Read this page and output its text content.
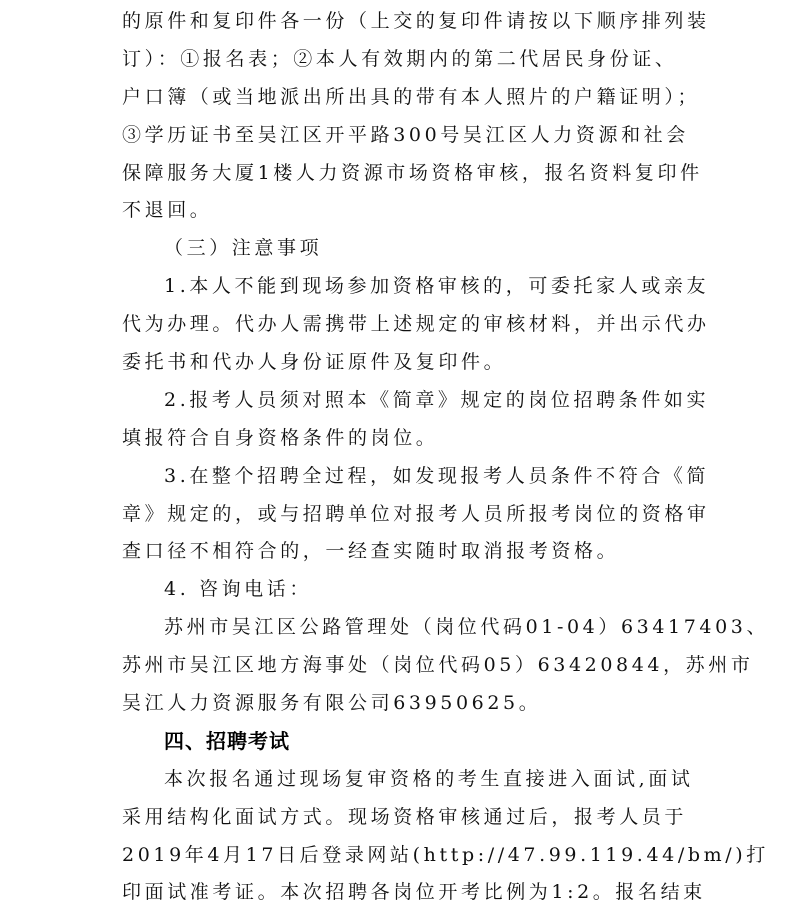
的原件和复印件各一份（上交的复印件请按以下顺序排列装
订）：①报名表；②本人有效期内的第二代居民身份证、
户口簿（或当地派出所出具的带有本人照片的户籍证明）；
③学历证书至吴江区开平路300号吴江区人力资源和社会
保障服务大厦1楼人力资源市场资格审核，报名资料复印件
不退回。
（三）注意事项
1.本人不能到现场参加资格审核的，可委托家人或亲友
代为办理。代办人需携带上述规定的审核材料，并出示代办
委托书和代办人身份证原件及复印件。
2.报考人员须对照本《简章》规定的岗位招聘条件如实
填报符合自身资格条件的岗位。
3.在整个招聘全过程，如发现报考人员条件不符合《简
章》规定的，或与招聘单位对报考人员所报考岗位的资格审
查口径不相符合的，一经查实随时取消报考资格。
4. 咨询电话：
苏州市吴江区公路管理处（岗位代码01-04）63417403、
苏州市吴江区地方海事处（岗位代码05）63420844，苏州市
吴江人力资源服务有限公司63950625。
四、招聘考试
本次报名通过现场复审资格的考生直接进入面试,面试
采用结构化面试方式。现场资格审核通过后，报考人员于
2019年4月17日后登录网站(http://47.99.119.44/bm/)打
印面试准考证。本次招聘各岗位开考比例为1:2。报名结束
